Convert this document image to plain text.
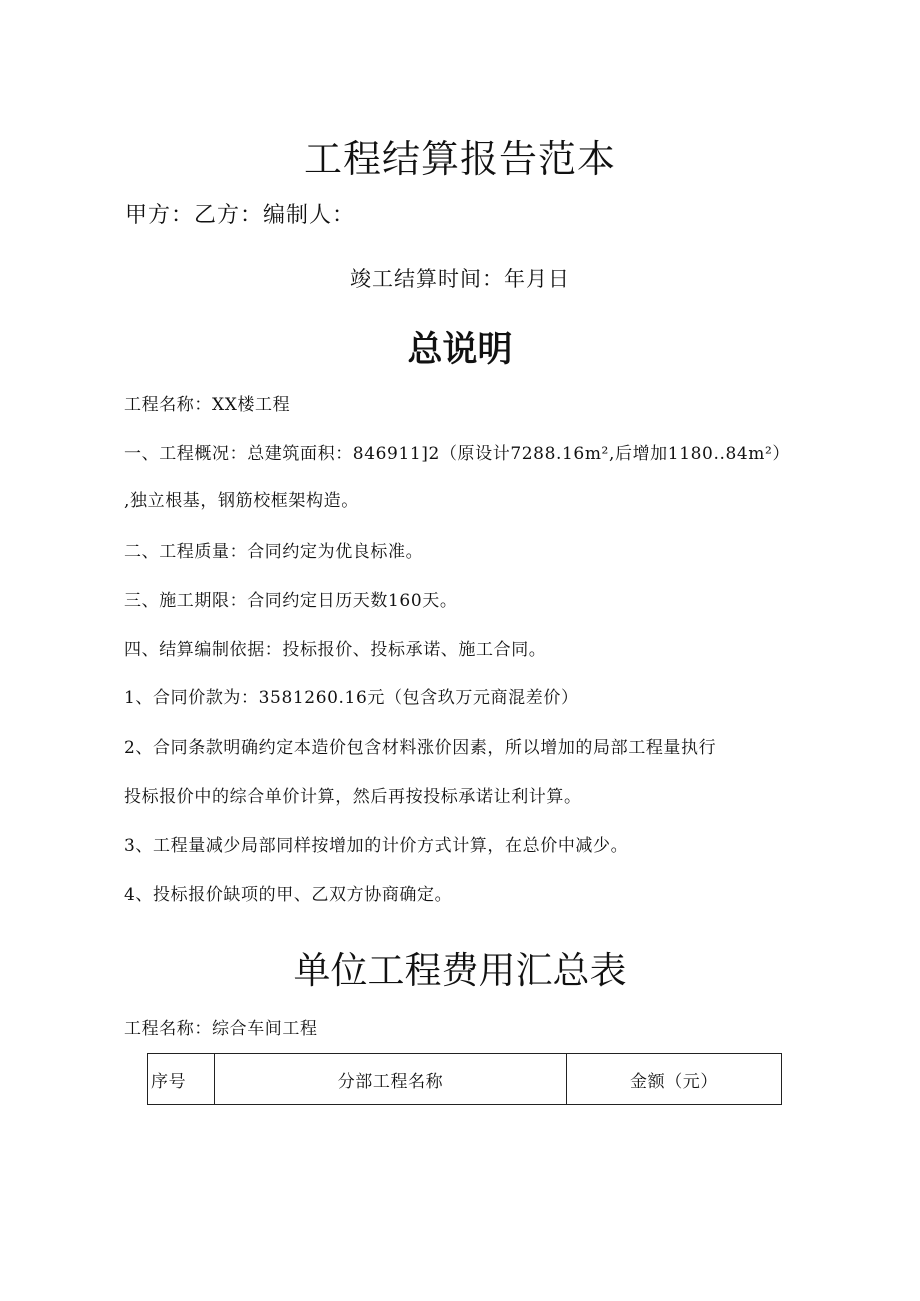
工程结算报告范本
甲方：乙方：编制人：
竣工结算时间：年月日
总说明
工程名称：XX楼工程
一、工程概况：总建筑面积：846911]2（原设计7288.16m²,后增加1180..84m²）
,独立根基，钢筋校框架构造。
二、工程质量：合同约定为优良标准。
三、施工期限：合同约定日历天数160天。
四、结算编制依据：投标报价、投标承诺、施工合同。
1、合同价款为：3581260.16元（包含玖万元商混差价）
2、合同条款明确约定本造价包含材料涨价因素，所以增加的局部工程量执行
投标报价中的综合单价计算，然后再按投标承诺让利计算。
3、工程量减少局部同样按增加的计价方式计算，在总价中减少。
4、投标报价缺项的甲、乙双方协商确定。
单位工程费用汇总表
工程名称：综合车间工程
序号	分部工程名称	金额（元）
